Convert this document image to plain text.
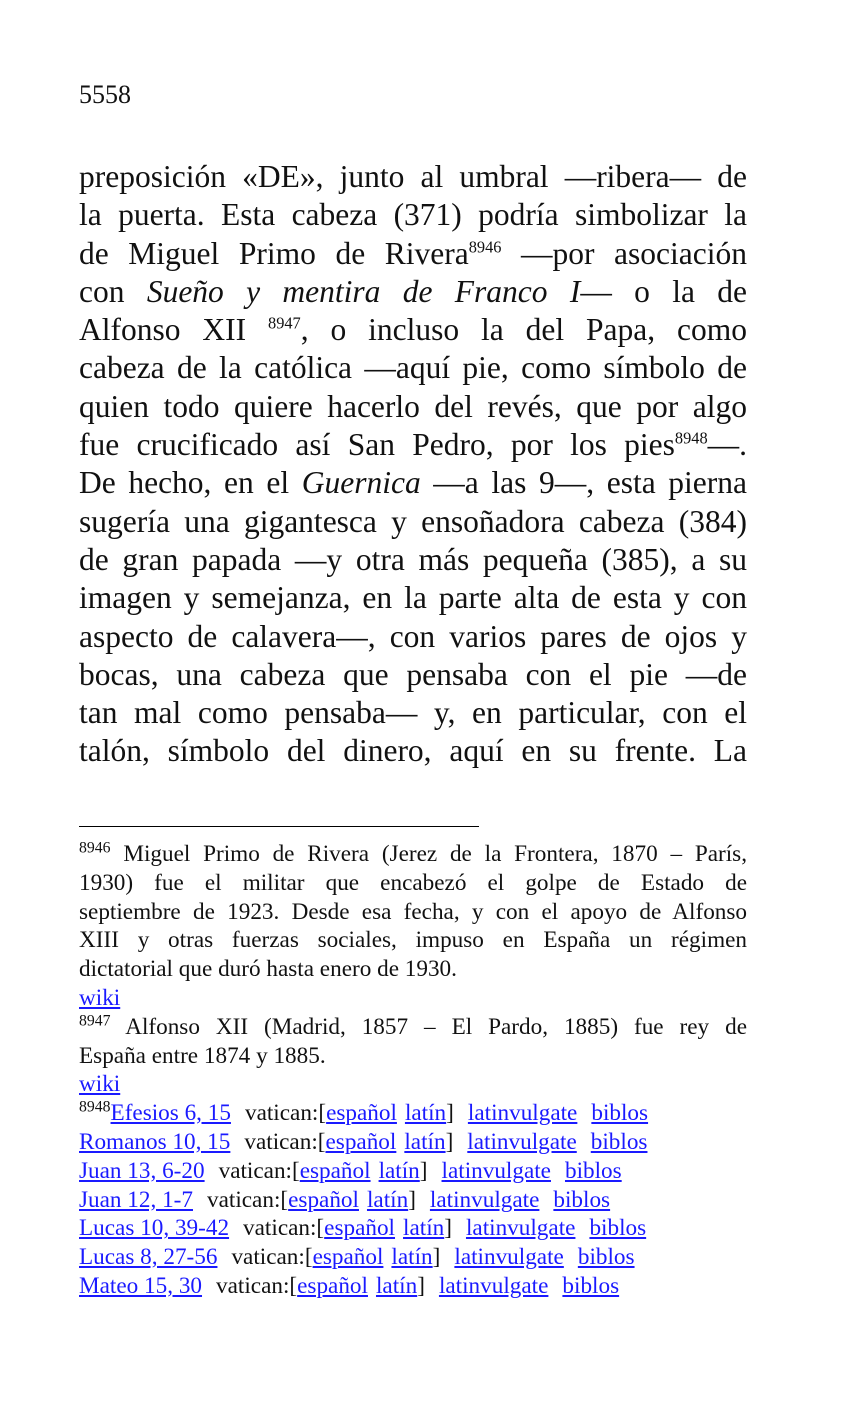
5558
preposición «DE», junto al umbral —ribera— de
la puerta. Esta cabeza (371) podría simbolizar la
de Miguel Primo de Rivera$^{8946}$ —por asociación
con Sueño y mentira de Franco I— o la de
Alfonso XII $^{8947}$, o incluso la del Papa, como
cabeza de la católica —aquí pie, como símbolo de
quien todo quiere hacerlo del revés, que por algo
fue crucificado así San Pedro, por los pies$^{8948}$—.
De hecho, en el Guernica —a las 9—, esta pierna
sugería una gigantesca y ensoñadora cabeza (384)
de gran papada —y otra más pequeña (385), a su
imagen y semejanza, en la parte alta de esta y con
aspecto de calavera—, con varios pares de ojos y
bocas, una cabeza que pensaba con el pie —de
tan mal como pensaba— y, en particular, con el
talón, símbolo del dinero, aquí en su frente. La
$^{8946}$ Miguel Primo de Rivera (Jerez de la Frontera, 1870 – París,
1930) fue el militar que encabezó el golpe de Estado de
septiembre de 1923. Desde esa fecha, y con el apoyo de Alfonso
XIII y otras fuerzas sociales, impuso en España un régimen
dictatorial que duró hasta enero de 1930.
wiki
$^{8947}$ Alfonso XII (Madrid, 1857 – El Pardo, 1885) fue rey de
España entre 1874 y 1885.
wiki
$^{8948}$Efesios 6, 15 vatican:[español latín] latinvulgate biblos
Romanos 10, 15 vatican:[español latín] latinvulgate biblos
Juan 13, 6-20 vatican:[español latín] latinvulgate biblos
Juan 12, 1-7 vatican:[español latín] latinvulgate biblos
Lucas 10, 39-42 vatican:[español latín] latinvulgate biblos
Lucas 8, 27-56 vatican:[español latín] latinvulgate biblos
Mateo 15, 30 vatican:[español latín] latinvulgate biblos
